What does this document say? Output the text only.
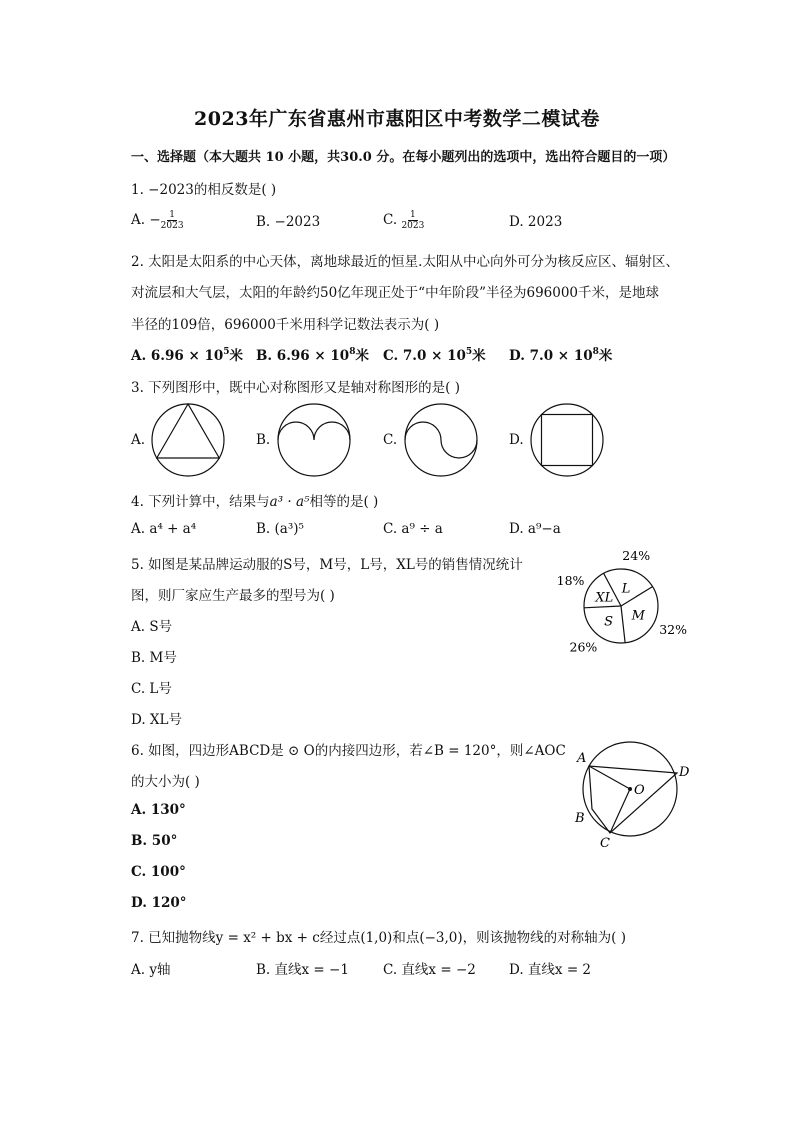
2023年广东省惠州市惠阳区中考数学二模试卷
一、选择题（本大题共 10 小题，共30.0 分。在每小题列出的选项中，选出符合题目的一项）
1. −2023的相反数是( )
A. − $\frac{1}{2023}$	B. −2023	C. $\frac{1}{2023}$	D. 2023
2. 太阳是太阳系的中心天体，离地球最近的恒星.太阳从中心向外可分为核反应区、辐射区、
对流层和大气层，太阳的年龄约50亿年现正处于“中年阶段”半径为696000千米，是地球
半径的109倍，696000千米用科学记数法表示为( )
A. $6.96 \times 10^5$米 B. $6.96 \times 10^8$米 C. $7.0 \times 10^5$米 D. $7.0 \times 10^8$米
3. 下列图形中，既中心对称图形又是轴对称图形的是( )
A.	B.	C.	D.
4. 下列计算中，结果与a³ · a⁵相等的是( )
A. a⁴ + a⁴	B. (a³)⁵	C. a⁹ ÷ a	D. a⁹−a
5. 如图是某品牌运动服的S号，M号，L号，XL号的销售情况统计
图，则厂家应生产最多的型号为( )
A. S号
B. M号
C. L号
D. XL号
L
24%
M
32%
S
26%
XL
18%
6. 如图，四边形ABCD是 ⊙ O的内接四边形，若∠B = 120°，则∠AOC
的大小为( )
A. 130°
B. 50°
C. 100°
D. 120°
A
B
C
D
O
7. 已知抛物线y = x² + bx + c经过点(1,0)和点(−3,0)，则该抛物线的对称轴为( )
A. y轴	B. 直线x = −1	C. 直线x = −2 D. 直线x = 2
